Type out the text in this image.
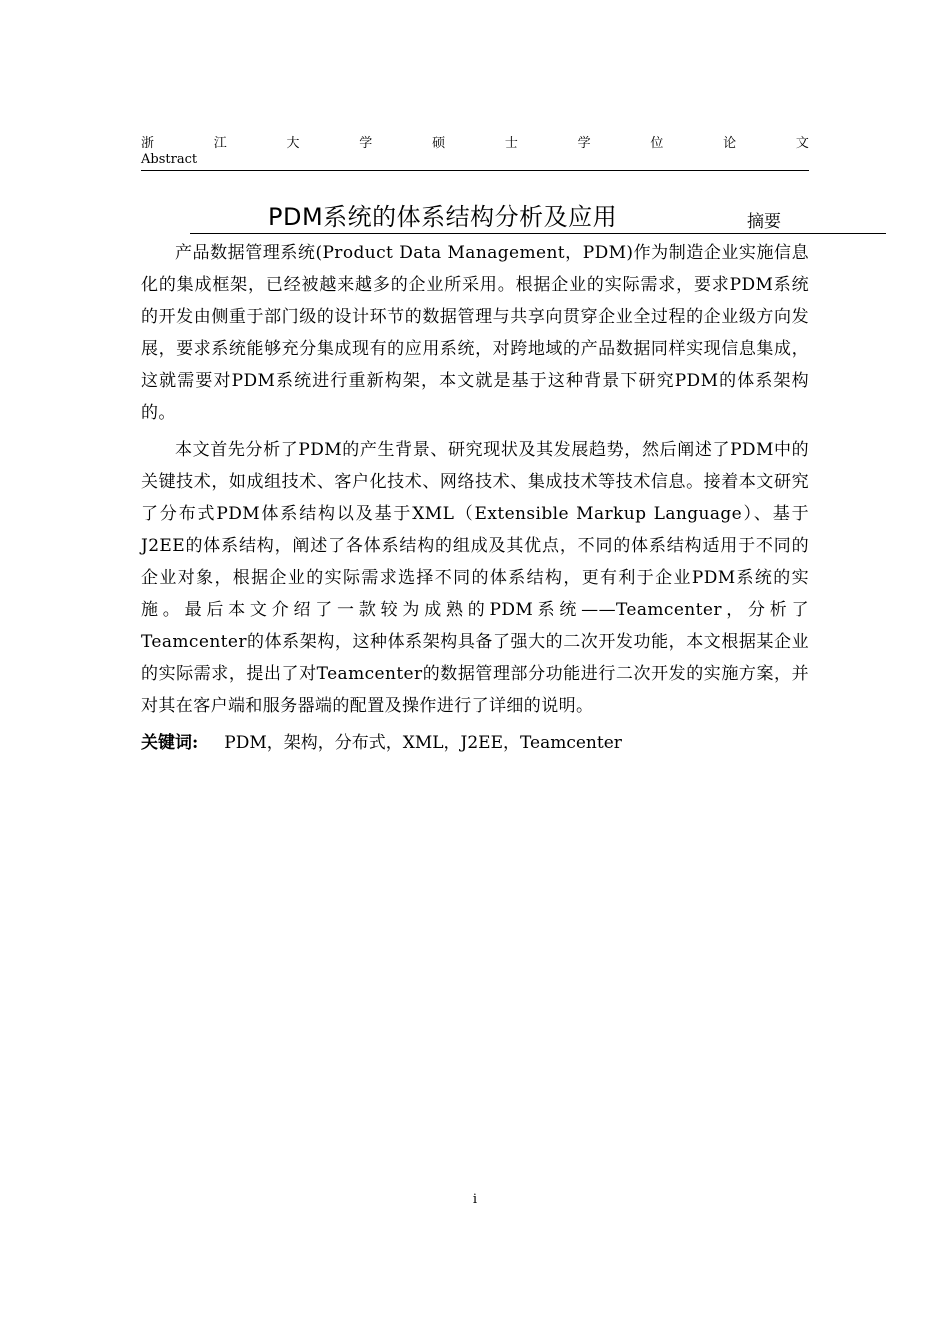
浙	江	大	学	硕	士	学	位	论	文
Abstract
PDM系统的体系结构分析及应用	摘要

产品数据管理系统(Product Data Management，PDM)作为制造企业实施信息化的集成框架，已经被越来越多的企业所采用。根据企业的实际需求，要求PDM系统的开发由侧重于部门级的设计环节的数据管理与共享向贯穿企业全过程的企业级方向发展，要求系统能够充分集成现有的应用系统，对跨地域的产品数据同样实现信息集成，这就需要对PDM系统进行重新构架，本文就是基于这种背景下研究PDM的体系架构的。

本文首先分析了PDM的产生背景、研究现状及其发展趋势，然后阐述了PDM中的关键技术，如成组技术、客户化技术、网络技术、集成技术等技术信息。接着本文研究了分布式PDM体系结构以及基于XML（Extensible Markup Language）、基于J2EE的体系结构，阐述了各体系结构的组成及其优点，不同的体系结构适用于不同的企业对象，根据企业的实际需求选择不同的体系结构，更有利于企业PDM系统的实施。最后本文介绍了一款较为成熟的PDM系统——Teamcenter，分析了Teamcenter的体系架构，这种体系架构具备了强大的二次开发功能，本文根据某企业的实际需求，提出了对Teamcenter的数据管理部分功能进行二次开发的实施方案，并对其在客户端和服务器端的配置及操作进行了详细的说明。

关键词: PDM，架构，分布式，XML，J2EE，Teamcenter

i
